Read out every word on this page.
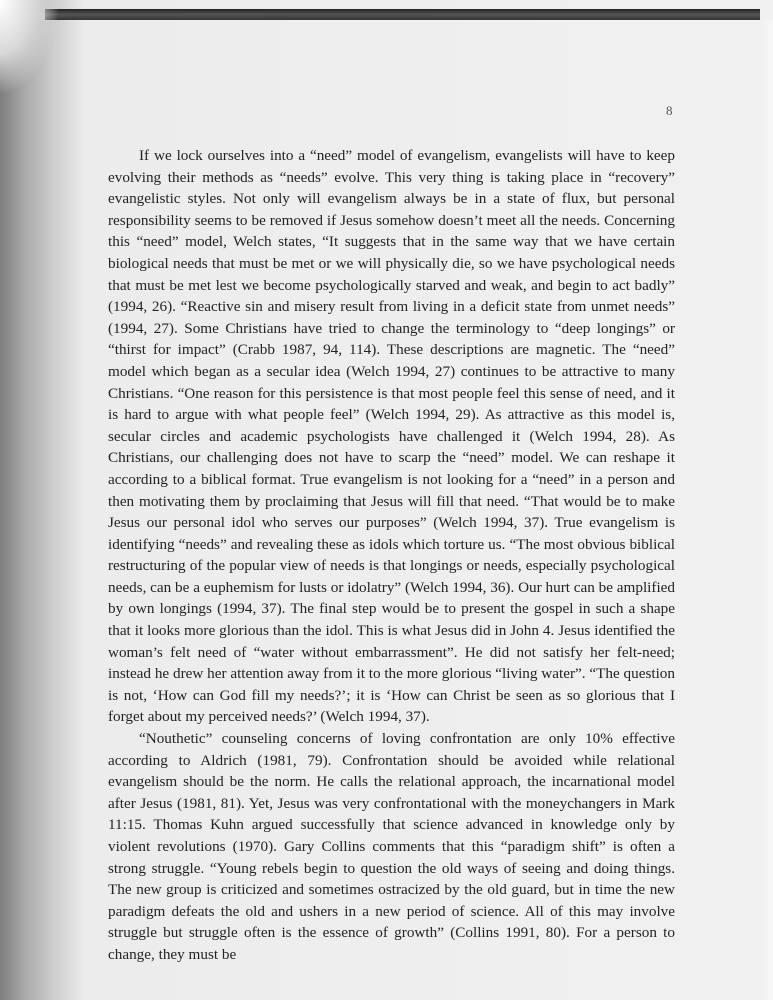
8

If we lock ourselves into a “need” model of evangelism, evangelists will have to keep evolving their methods as “needs” evolve. This very thing is taking place in “recovery” evangelistic styles. Not only will evangelism always be in a state of flux, but personal responsibility seems to be removed if Jesus somehow doesn’t meet all the needs. Concerning this “need” model, Welch states, “It suggests that in the same way that we have certain biological needs that must be met or we will physically die, so we have psychological needs that must be met lest we become psychologically starved and weak, and begin to act badly” (1994, 26). “Reactive sin and misery result from living in a deficit state from unmet needs” (1994, 27). Some Christians have tried to change the terminology to “deep longings” or “thirst for impact” (Crabb 1987, 94, 114). These descriptions are magnetic. The “need” model which began as a secular idea (Welch 1994, 27) continues to be attractive to many Christians. “One reason for this persistence is that most people feel this sense of need, and it is hard to argue with what people feel” (Welch 1994, 29). As attractive as this model is, secular circles and academic psychologists have challenged it (Welch 1994, 28). As Christians, our challenging does not have to scarp the “need” model. We can reshape it according to a biblical format. True evangelism is not looking for a “need” in a person and then motivating them by proclaiming that Jesus will fill that need. “That would be to make Jesus our personal idol who serves our purposes” (Welch 1994, 37). True evangelism is identifying “needs” and revealing these as idols which torture us. “The most obvious biblical restructuring of the popular view of needs is that longings or needs, especially psychological needs, can be a euphemism for lusts or idolatry” (Welch 1994, 36). Our hurt can be amplified by own longings (1994, 37). The final step would be to present the gospel in such a shape that it looks more glorious than the idol. This is what Jesus did in John 4. Jesus identified the woman’s felt need of “water without embarrassment”. He did not satisfy her felt-need; instead he drew her attention away from it to the more glorious “living water”. “The question is not, ‘How can God fill my needs?’; it is ‘How can Christ be seen as so glorious that I forget about my perceived needs?’ (Welch 1994, 37).

“Nouthetic” counseling concerns of loving confrontation are only 10% effective according to Aldrich (1981, 79). Confrontation should be avoided while relational evangelism should be the norm. He calls the relational approach, the incarnational model after Jesus (1981, 81). Yet, Jesus was very confrontational with the moneychangers in Mark 11:15. Thomas Kuhn argued successfully that science advanced in knowledge only by violent revolutions (1970). Gary Collins comments that this “paradigm shift” is often a strong struggle. “Young rebels begin to question the old ways of seeing and doing things. The new group is criticized and sometimes ostracized by the old guard, but in time the new paradigm defeats the old and ushers in a new period of science. All of this may involve struggle but struggle often is the essence of growth” (Collins 1991, 80). For a person to change, they must be
